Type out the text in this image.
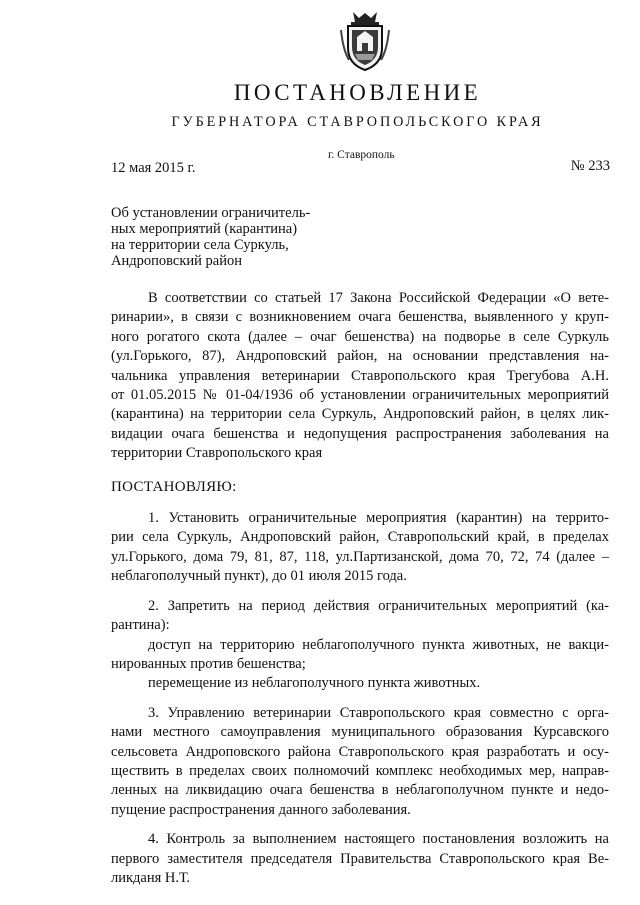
ПОСТАНОВЛЕНИЕ
ГУБЕРНАТОРА СТАВРОПОЛЬСКОГО КРАЯ
г. Ставрополь
12 мая 2015 г.	№ 233
Об установлении ограничитель-
ных мероприятий (карантина)
на территории села Суркуль,
Андроповский район
В соответствии со статьей 17 Закона Российской Федерации «О вете-
ринарии», в связи с возникновением очага бешенства, выявленного у круп-
ного рогатого скота (далее – очаг бешенства) на подворье в селе Суркуль
(ул.Горького, 87), Андроповский район, на основании представления на-
чальника управления ветеринарии Ставропольского края Трегубова А.Н.
от 01.05.2015 № 01-04/1936 об установлении ограничительных мероприятий
(карантина) на территории села Суркуль, Андроповский район, в целях лик-
видации очага бешенства и недопущения распространения заболевания на
территории Ставропольского края
ПОСТАНОВЛЯЮ:
1. Установить ограничительные мероприятия (карантин) на террито-
рии села Суркуль, Андроповский район, Ставропольский край, в пределах
ул.Горького, дома 79, 81, 87, 118, ул.Партизанской, дома 70, 72, 74 (далее –
неблагополучный пункт), до 01 июля 2015 года.
2. Запретить на период действия ограничительных мероприятий (ка-
рантина):
доступ на территорию неблагополучного пункта животных, не вакци-
нированных против бешенства;
перемещение из неблагополучного пункта животных.
3. Управлению ветеринарии Ставропольского края совместно с орга-
нами местного самоуправления муниципального образования Курсавского
сельсовета Андроповского района Ставропольского края разработать и осу-
ществить в пределах своих полномочий комплекс необходимых мер, направ-
ленных на ликвидацию очага бешенства в неблагополучном пункте и недо-
пущение распространения данного заболевания.
4. Контроль за выполнением настоящего постановления возложить на
первого заместителя председателя Правительства Ставропольского края Ве-
ликданя Н.Т.
